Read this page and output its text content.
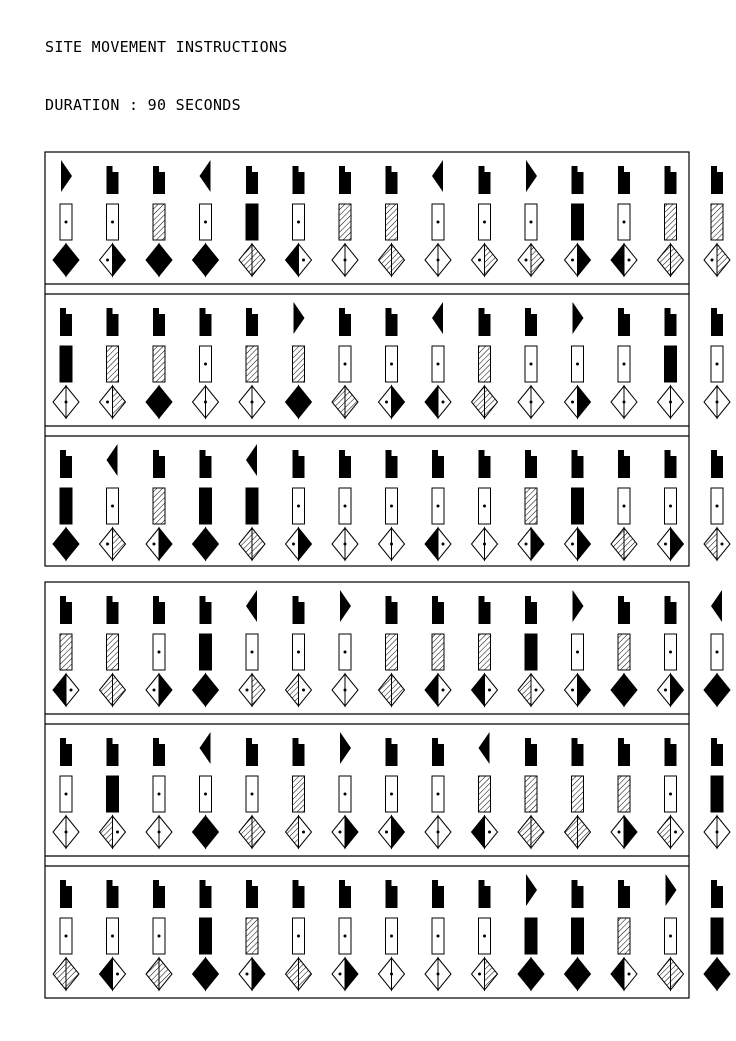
SITE MOVEMENT INSTRUCTIONS
DURATION : 90 SECONDS
